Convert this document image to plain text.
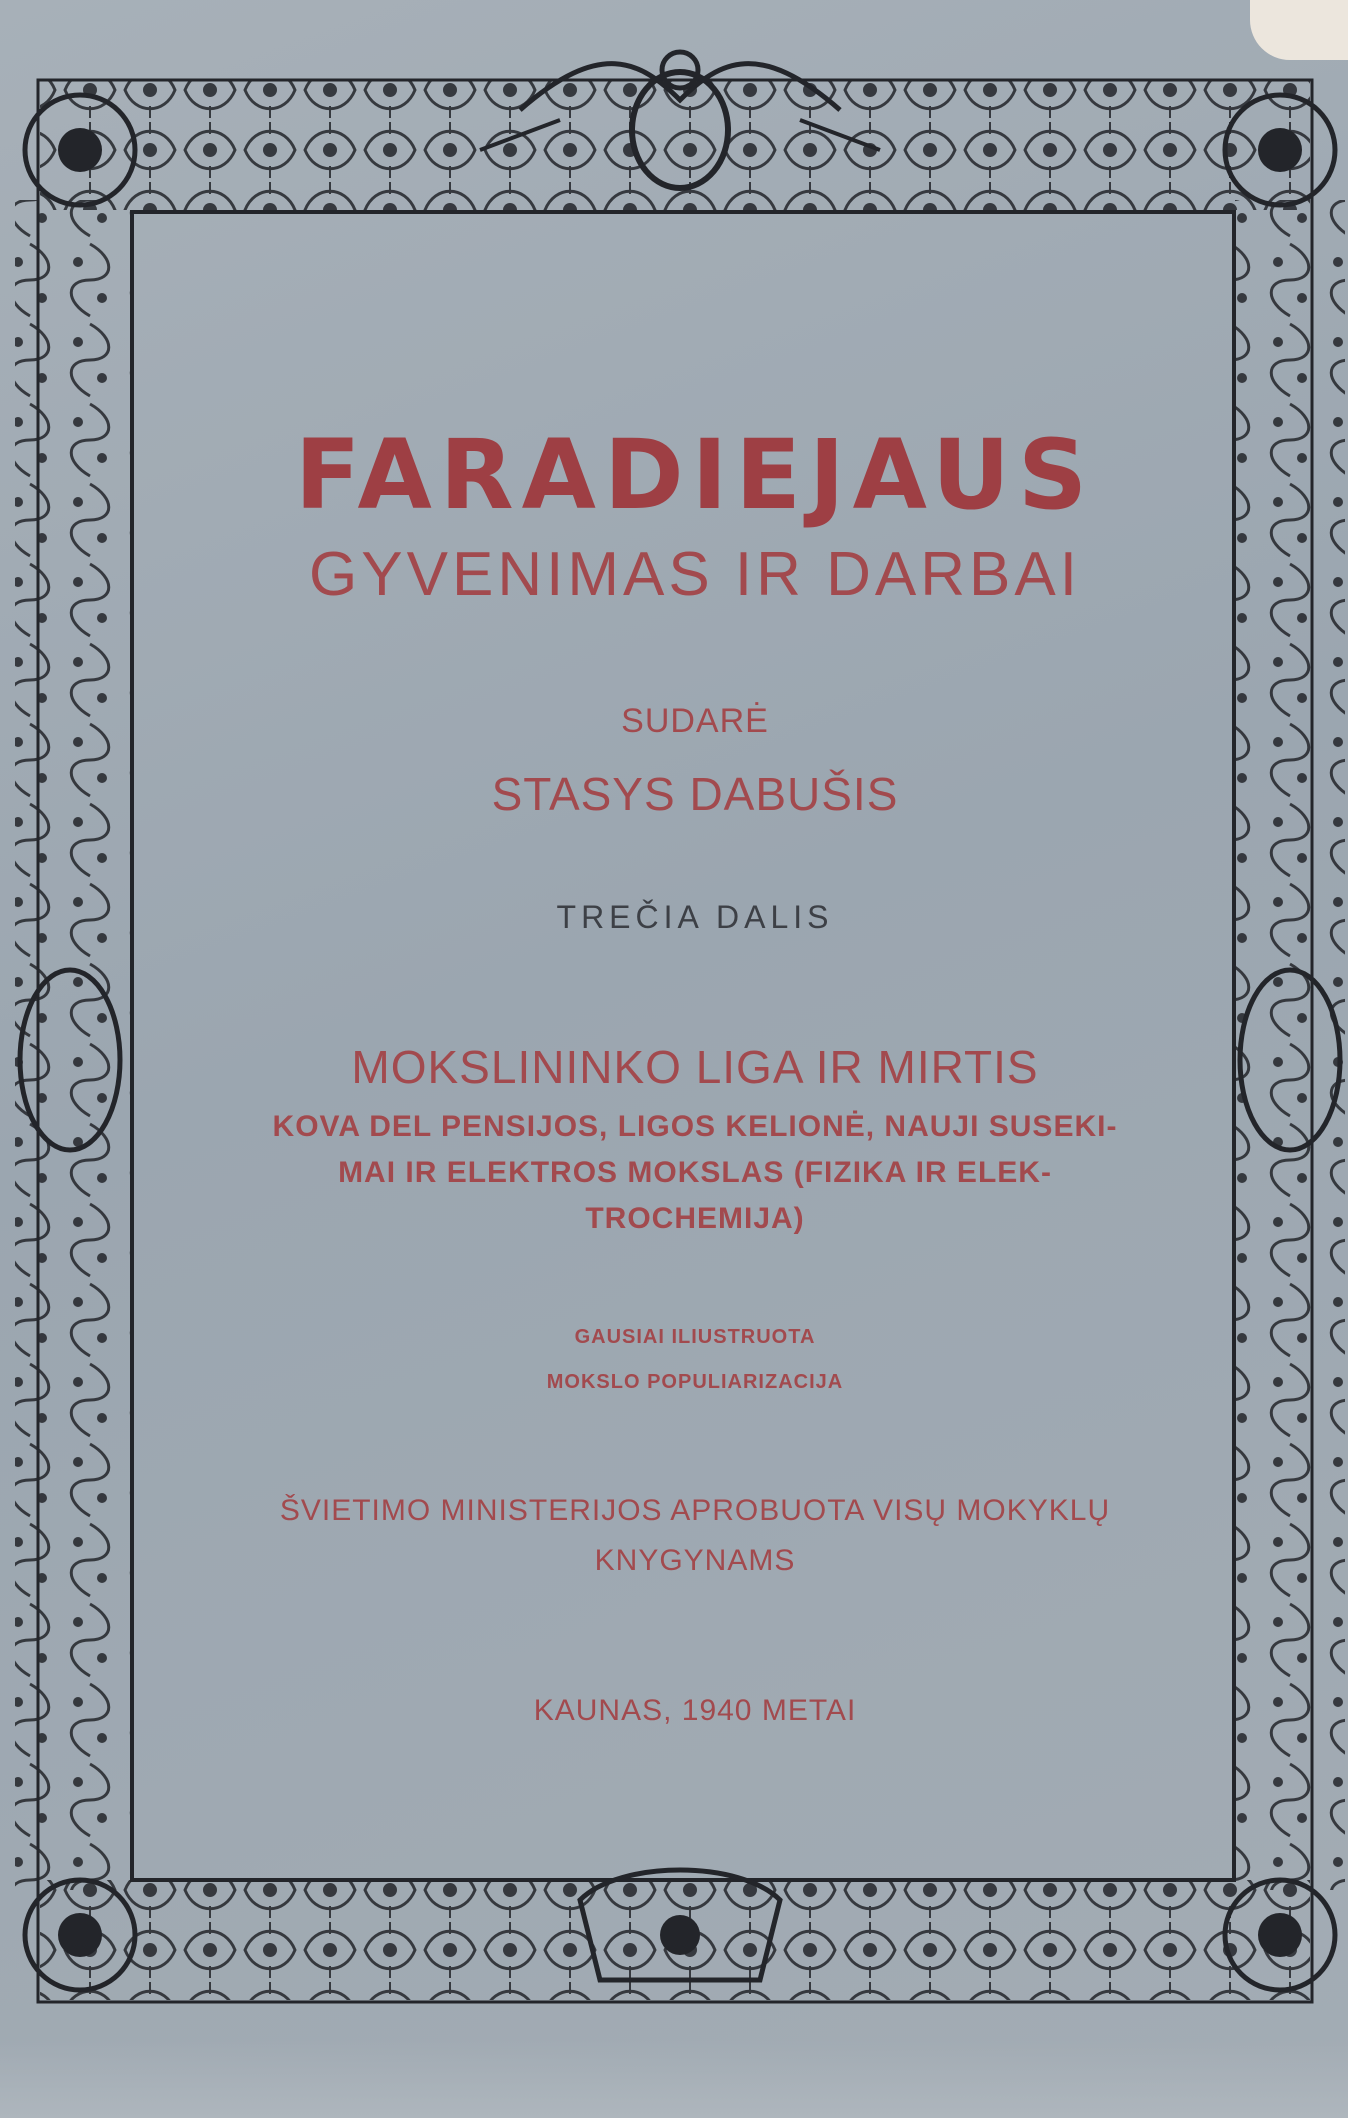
FARADIEJAUS
GYVENIMAS IR DARBAI
SUDARĖ
STASYS DABUŠIS
TREČIA DALIS
MOKSLININKO LIGA IR MIRTIS
KOVA DEL PENSIJOS, LIGOS KELIONĖ, NAUJI SUSEKI-
MAI IR ELEKTROS MOKSLAS (FIZIKA IR ELEK-
TROCHEMIJA)
GAUSIAI ILIUSTRUOTA
MOKSLO POPULIARIZACIJA
ŠVIETIMO MINISTERIJOS APROBUOTA VISŲ MOKYKLŲ
KNYGYNAMS
KAUNAS, 1940 METAI
